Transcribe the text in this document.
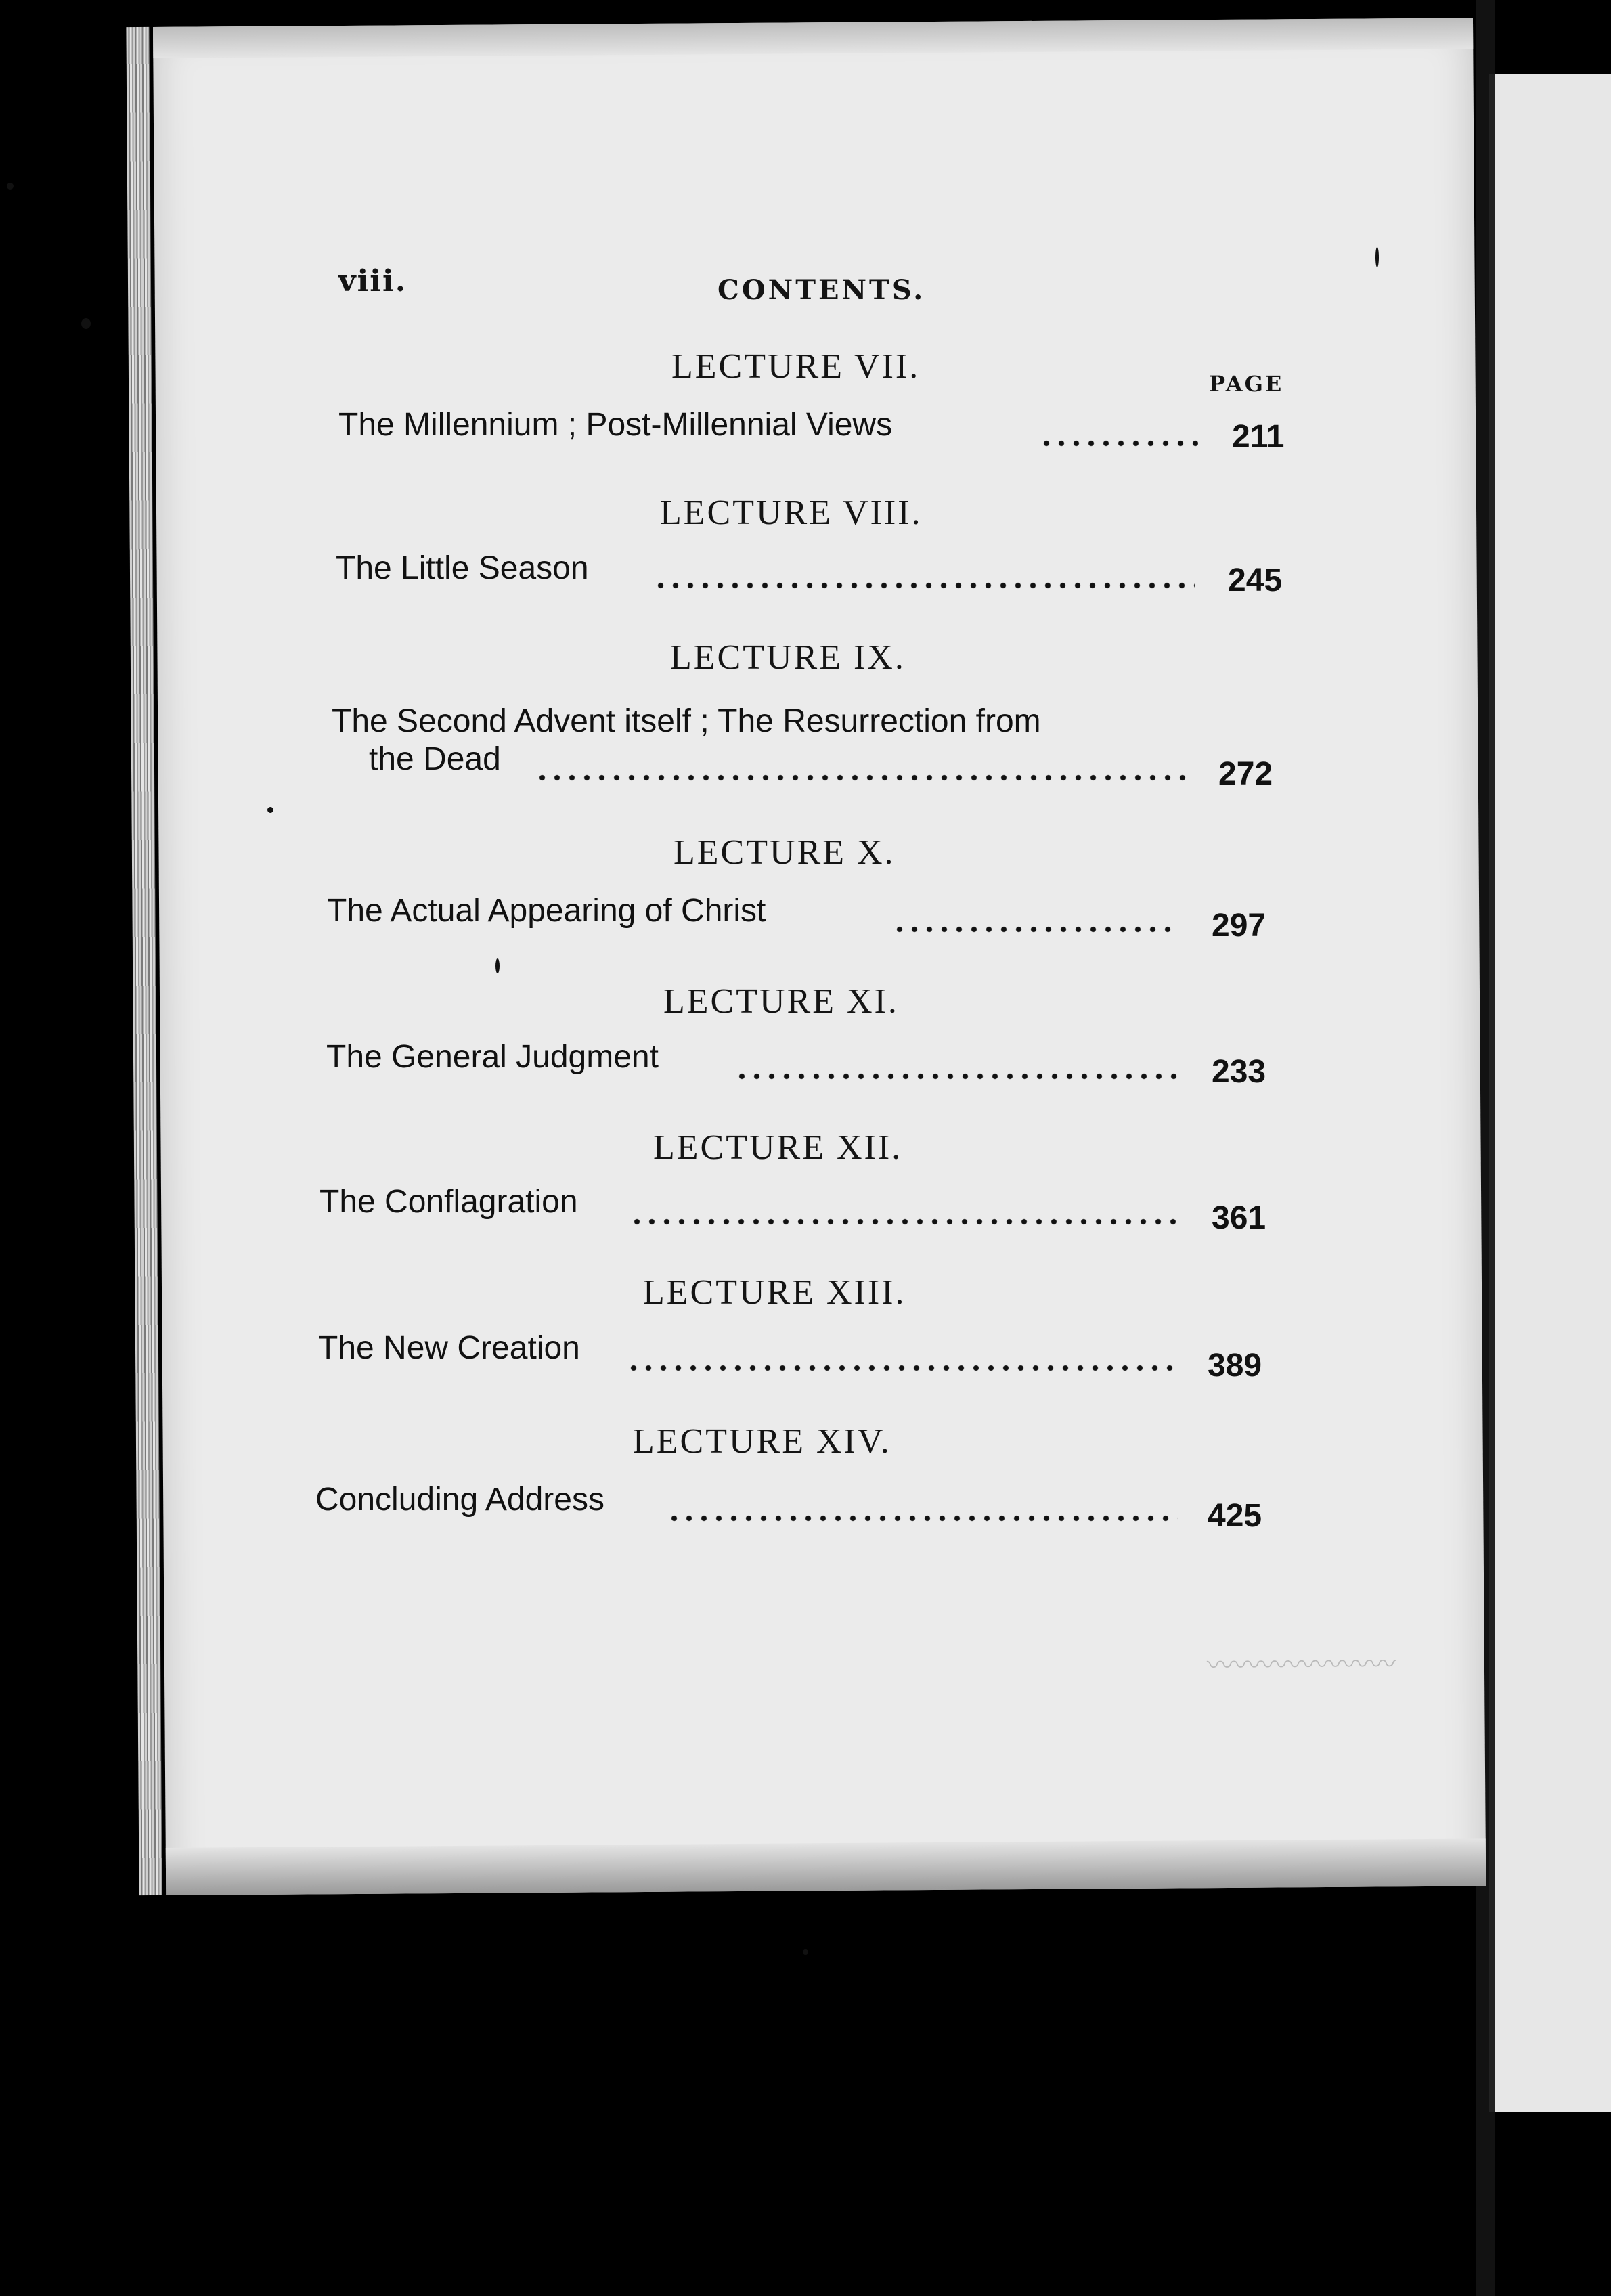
〰〰〰〰〰〰〰
viii.	CONTENTS.
PAGE
LECTURE VII.
The Millennium ; Post-Millennial Views	211
LECTURE VIII.
The Little Season	245
LECTURE IX.
The Second Advent itself ; The Resurrection from
the Dead	272
LECTURE X.
The Actual Appearing of Christ	297
LECTURE XI.
The General Judgment	233
LECTURE XII.
The Conflagration	361
LECTURE XIII.
The New Creation	389
LECTURE XIV.
Concluding Address	425
